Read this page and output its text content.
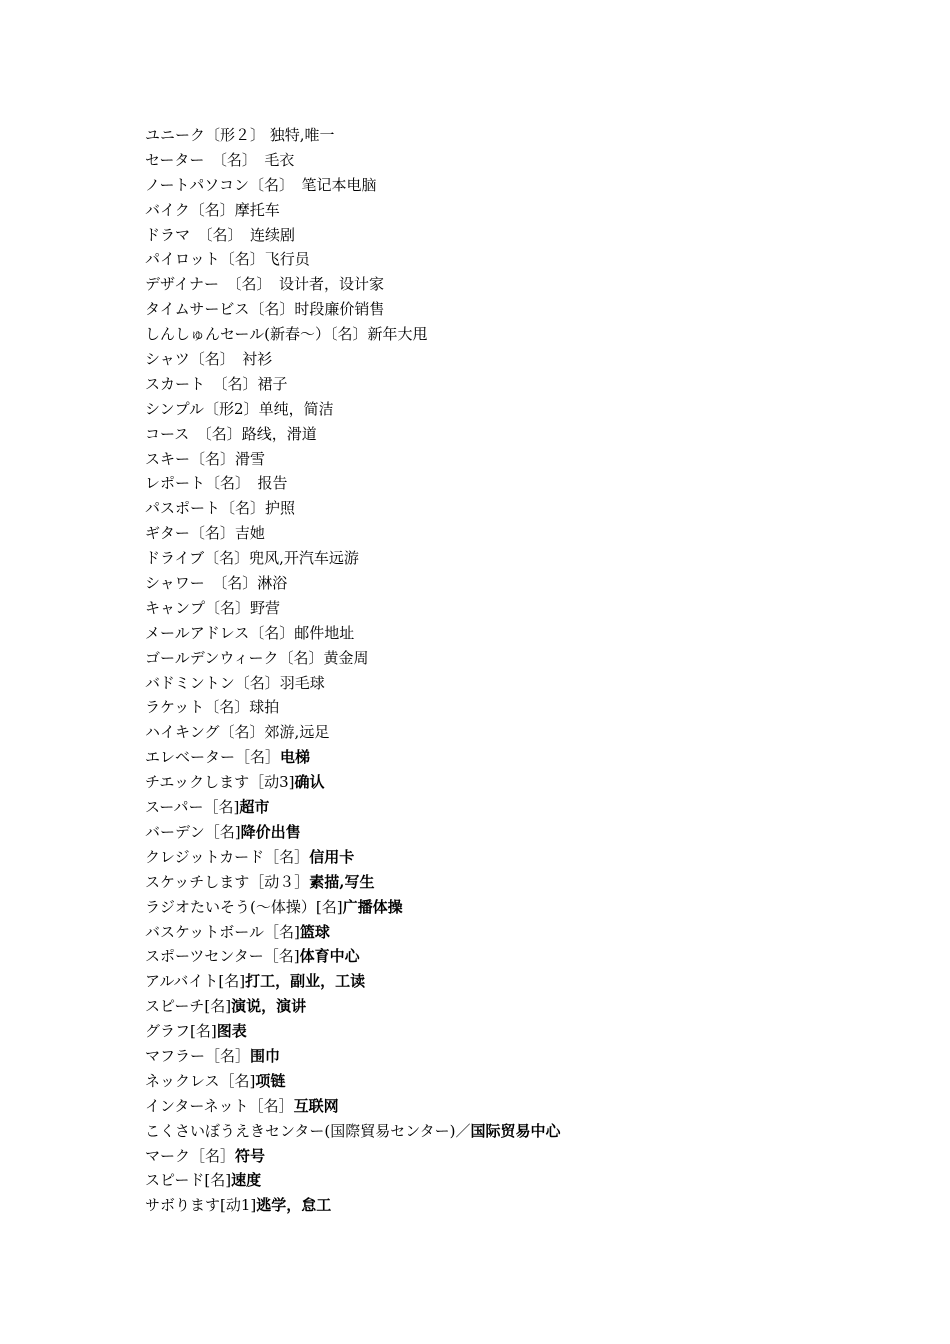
ユニーク〔形２〕 独特,唯一
セーター　〔名〕　毛衣
ノートパソコン〔名〕　笔记本电脑
バイク〔名〕摩托车
ドラマ　〔名〕　连续剧
パイロット〔名〕飞行员
デザイナー　〔名〕　设计者，设计家
タイムサービス〔名〕时段廉价销售
しんしゅんセール(新春～）〔名〕新年大甩
シャツ〔名〕　衬衫
スカート　〔名〕裙子
シンプル〔形2〕单纯，简洁
コース　〔名〕路线，滑道
スキー〔名〕滑雪
レポート〔名〕　报告
パスポート〔名〕护照
ギター〔名〕吉她
ドライブ〔名〕兜风,开汽车远游
シャワー　〔名〕淋浴
キャンプ〔名〕野营
メールアドレス〔名〕邮件地址
ゴールデンウィーク〔名〕黄金周
バドミントン〔名〕羽毛球
ラケット〔名〕球拍
ハイキング〔名〕郊游,远足
エレベーター［名］电梯
チエックします［动3]确认
スーパー［名]超市
バーデン［名]降价出售
クレジットカード［名］信用卡
スケッチします［动３］素描,写生
ラジオたいそう(～体操）[名]广播体操
バスケットボール［名]篮球
スポーツセンター［名]体育中心
アルバイト[名]打工，副业，工读
スピーチ[名]演说，演讲
グラフ[名]图表
マフラー［名］围巾
ネックレス［名]项链
インターネット［名］互联网
こくさいぼうえきセンター(国際貿易センター)／国际贸易中心
マーク［名］符号
スピード[名]速度
サボります[动1]逃学，怠工
